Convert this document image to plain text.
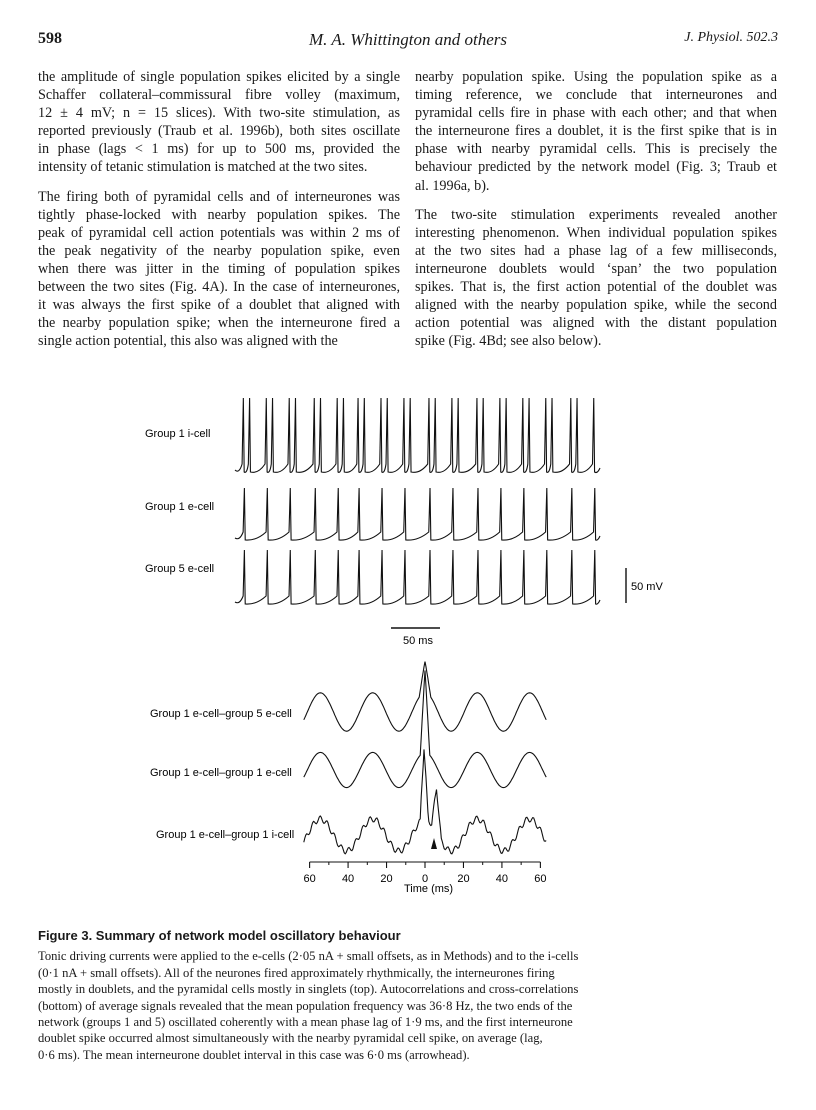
598	M. A. Whittington and others	J. Physiol. 502.3

the amplitude of single population spikes elicited by a single
Schaffer collateral–commissural fibre volley (maximum,
12 ± 4 mV; n = 15 slices). With two-site stimulation, as
reported previously (Traub et al. 1996b), both sites oscillate
in phase (lags < 1 ms) for up to 500 ms, provided the
intensity of tetanic stimulation is matched at the two sites.

The firing both of pyramidal cells and of interneurones was
tightly phase-locked with nearby population spikes. The
peak of pyramidal cell action potentials was within 2 ms of
the peak negativity of the nearby population spike, even
when there was jitter in the timing of population spikes
between the two sites (Fig. 4A). In the case of interneurones,
it was always the first spike of a doublet that aligned with
the nearby population spike; when the interneurone fired a
single action potential, this also was aligned with the

nearby population spike. Using the population spike as a
timing reference, we conclude that interneurones and
pyramidal cells fire in phase with each other; and that when
the interneurone fires a doublet, it is the first spike that is in
phase with nearby pyramidal cells. This is precisely the
behaviour predicted by the network model (Fig. 3; Traub et
al. 1996a, b).

The two-site stimulation experiments revealed another
interesting phenomenon. When individual population spikes
at the two sites had a phase lag of a few milliseconds,
interneurone doublets would ‘span’ the two population
spikes. That is, the first action potential of the doublet was
aligned with the nearby population spike, while the second
action potential was aligned with the distant population
spike (Fig. 4Bd; see also below).

Group 1 i-cell
Group 1 e-cell
Group 5 e-cell
50 mV
50 ms
Group 1 e-cell–group 5 e-cell
Group 1 e-cell–group 1 e-cell
Group 1 e-cell–group 1 i-cell
60 40 20	0	20 40 60
Time (ms)
Figure 3. Summary of network model oscillatory behaviour
Tonic driving currents were applied to the e-cells (2·05 nA + small offsets, as in Methods) and to the i-cells
(0·1 nA + small offsets). All of the neurones fired approximately rhythmically, the interneurones firing
mostly in doublets, and the pyramidal cells mostly in singlets (top). Autocorrelations and cross-correlations
(bottom) of average signals revealed that the mean population frequency was 36·8 Hz, the two ends of the
network (groups 1 and 5) oscillated coherently with a mean phase lag of 1·9 ms, and the first interneurone
doublet spike occurred almost simultaneously with the nearby pyramidal cell spike, on average (lag,
0·6 ms). The mean interneurone doublet interval in this case was 6·0 ms (arrowhead).
